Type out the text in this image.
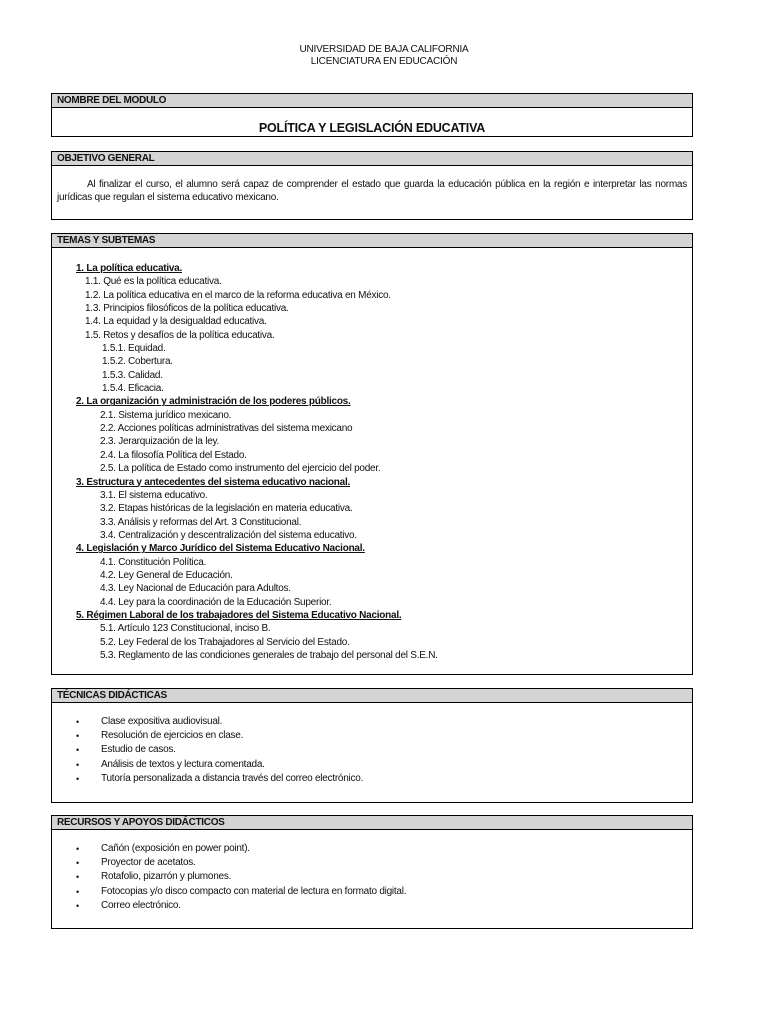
UNIVERSIDAD DE BAJA CALIFORNIA
LICENCIATURA EN EDUCACIÓN
NOMBRE DEL MODULO
POLÍTICA Y LEGISLACIÓN EDUCATIVA
OBJETIVO GENERAL
Al finalizar el curso, el alumno será capaz de comprender el estado que guarda la educación pública en la región e interpretar las normas jurídicas que regulan el sistema educativo mexicano.
TEMAS Y SUBTEMAS
1. La política educativa.
1.1. Qué es la política educativa.
1.2. La política educativa en el marco de la reforma educativa en México.
1.3. Principios filosóficos de la política educativa.
1.4. La equidad y la desigualdad educativa.
1.5. Retos y desafíos de la política educativa.
1.5.1. Equidad.
1.5.2. Cobertura.
1.5.3. Calidad.
1.5.4. Eficacia.
2. La organización y administración de los poderes públicos.
2.1. Sistema jurídico mexicano.
2.2. Acciones políticas administrativas del sistema mexicano
2.3. Jerarquización de la ley.
2.4. La filosofía Política del Estado.
2.5. La política de Estado como instrumento del ejercicio del poder.
3. Estructura y antecedentes del sistema educativo nacional.
3.1. El sistema educativo.
3.2. Etapas históricas de la legislación en materia educativa.
3.3. Análisis y reformas del Art. 3 Constitucional.
3.4. Centralización y descentralización del sistema educativo.
4. Legislación y Marco Jurídico del Sistema Educativo Nacional.
4.1. Constitución Política.
4.2. Ley General de Educación.
4.3. Ley Nacional de Educación para Adultos.
4.4. Ley para la coordinación de la Educación Superior.
5. Régimen Laboral de los trabajadores del Sistema Educativo Nacional.
5.1. Artículo 123 Constitucional, inciso B.
5.2. Ley Federal de los Trabajadores al Servicio del Estado.
5.3. Reglamento de las condiciones generales de trabajo del personal del S.E.N.
TÉCNICAS DIDÁCTICAS
• Clase expositiva audiovisual.
• Resolución de ejercicios en clase.
• Estudio de casos.
• Análisis de textos y lectura comentada.
• Tutoría personalizada a distancia través del correo electrónico.
RECURSOS Y APOYOS DIDÁCTICOS
• Cañón (exposición en power point).
• Proyector de acetatos.
• Rotafolio, pizarrón y plumones.
• Fotocopias y/o disco compacto con material de lectura en formato digital.
• Correo electrónico.
